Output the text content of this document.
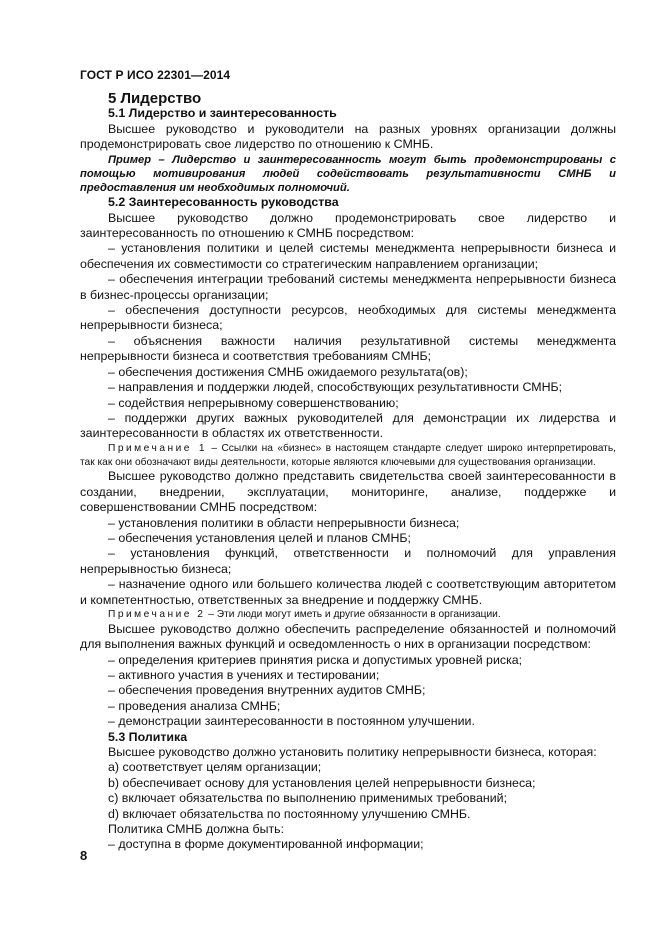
ГОСТ Р ИСО 22301—2014

5 Лидерство

5.1 Лидерство и заинтересованность

Высшее руководство и руководители на разных уровнях организации должны продемонстрировать свое лидерство по отношению к СМНБ.

Пример – Лидерство и заинтересованность могут быть продемонстрированы с помощью мотивирования людей содействовать результативности СМНБ и предоставления им необходимых полномочий.

5.2 Заинтересованность руководства

Высшее руководство должно продемонстрировать свое лидерство и заинтересованность по отношению к СМНБ посредством:

– установления политики и целей системы менеджмента непрерывности бизнеса и обеспечения их совместимости со стратегическим направлением организации;

– обеспечения интеграции требований системы менеджмента непрерывности бизнеса в бизнес-процессы организации;

– обеспечения доступности ресурсов, необходимых для системы менеджмента непрерывности бизнеса;

– объяснения важности наличия результативной системы менеджмента непрерывности бизнеса и соответствия требованиям СМНБ;

– обеспечения достижения СМНБ ожидаемого результата(ов);

– направления и поддержки людей, способствующих результативности СМНБ;

– содействия непрерывному совершенствованию;

– поддержки других важных руководителей для демонстрации их лидерства и заинтересованности в областях их ответственности.

Примечание 1 – Ссылки на «бизнес» в настоящем стандарте следует широко интерпретировать, так как они обозначают виды деятельности, которые являются ключевыми для существования организации.

Высшее руководство должно представить свидетельства своей заинтересованности в создании, внедрении, эксплуатации, мониторинге, анализе, поддержке и совершенствовании СМНБ посредством:

– установления политики в области непрерывности бизнеса;

– обеспечения установления целей и планов СМНБ;

– установления функций, ответственности и полномочий для управления непрерывностью бизнеса;

– назначение одного или большего количества людей с соответствующим авторитетом и компетентностью, ответственных за внедрение и поддержку СМНБ.

Примечание 2 – Эти люди могут иметь и другие обязанности в организации.

Высшее руководство должно обеспечить распределение обязанностей и полномочий для выполнения важных функций и осведомленность о них в организации посредством:

– определения критериев принятия риска и допустимых уровней риска;

– активного участия в учениях и тестировании;

– обеспечения проведения внутренних аудитов СМНБ;

– проведения анализа СМНБ;

– демонстрации заинтересованности в постоянном улучшении.

5.3 Политика

Высшее руководство должно установить политику непрерывности бизнеса, которая:

a) соответствует целям организации;

b) обеспечивает основу для установления целей непрерывности бизнеса;

c) включает обязательства по выполнению применимых требований;

d) включает обязательства по постоянному улучшению СМНБ.

Политика СМНБ должна быть:

– доступна в форме документированной информации;

8
